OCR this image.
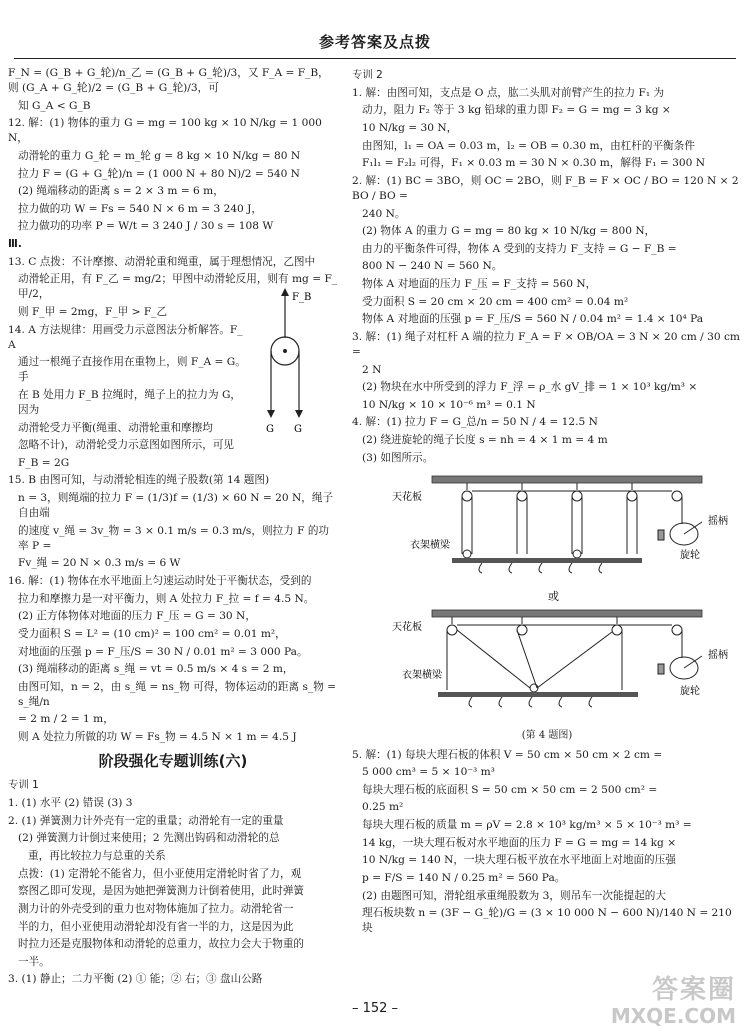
参考答案及点拨

F_N = (G_B + G_轮)/n_乙 = (G_B + G_轮)/3，又 F_A = F_B，则 (G_A + G_轮)/2 = (G_B + G_轮)/3，可

知 G_A < G_B

12. 解：(1) 物体的重力 G = mg = 100 kg × 10 N/kg = 1 000 N，

动滑轮的重力 G_轮 = m_轮 g = 8 kg × 10 N/kg = 80 N

拉力 F = (G + G_轮)/n = (1 000 N + 80 N)/2 = 540 N

(2) 绳端移动的距离 s = 2 × 3 m = 6 m，

拉力做的功 W = Fs = 540 N × 6 m = 3 240 J，

拉力做功的功率 P = W/t = 3 240 J / 30 s = 108 W

Ⅲ.

13. C 点拨：不计摩擦、动滑轮重和绳重，属于理想情况，乙图中

动滑轮正用，有 F_乙 = mg/2；甲图中动滑轮反用，则有 mg = F_甲/2，

则 F_甲 = 2mg，F_甲 > F_乙

14. A 方法规律：用画受力示意图法分析解答。F_A

通过一根绳子直接作用在重物上，则 F_A = G。手

在 B 处用力 F_B 拉绳时，绳子上的拉力为 G，因为

动滑轮受力平衡(绳重、动滑轮重和摩擦均

忽略不计)，动滑轮受力示意图如图所示，可见

F_B = 2G

15. B 由图可知，与动滑轮相连的绳子股数(第 14 题图)

n = 3，则绳端的拉力 F = (1/3)f = (1/3) × 60 N = 20 N，绳子自由端

的速度 v_绳 = 3v_物 = 3 × 0.1 m/s = 0.3 m/s，则拉力 F 的功率 P =

Fv_绳 = 20 N × 0.3 m/s = 6 W

16. 解：(1) 物体在水平地面上匀速运动时处于平衡状态，受到的

拉力和摩擦力是一对平衡力，则 A 处拉力 F_拉 = f = 4.5 N。

(2) 正方体物体对地面的压力 F_压 = G = 30 N，

受力面积 S = L² = (10 cm)² = 100 cm² = 0.01 m²，

对地面的压强 p = F_压/S = 30 N / 0.01 m² = 3 000 Pa。

(3) 绳端移动的距离 s_绳 = vt = 0.5 m/s × 4 s = 2 m，

由图可知，n = 2，由 s_绳 = ns_物 可得，物体运动的距离 s_物 = s_绳/n

= 2 m / 2 = 1 m，

则 A 处拉力所做的功 W = Fs_物 = 4.5 N × 1 m = 4.5 J

阶段强化专题训练(六)
专训 1

1. (1) 水平 (2) 错误 (3) 3

2. (1) 弹簧测力计外壳有一定的重量；动滑轮有一定的重量

(2) 弹簧测力计倒过来使用；2 先测出钩码和动滑轮的总

重，再比较拉力与总重的关系

点拨：(1) 定滑轮不能省力，但小亚使用定滑轮时省了力，观

察图乙即可发现，是因为她把弹簧测力计倒着使用，此时弹簧

测力计的外壳受到的重力也对物体施加了拉力。动滑轮省一

半的力，但小亚使用动滑轮却没有省一半的力，这是因为此

时拉力还是克服物体和动滑轮的总重力，故拉力会大于物重的

一半。

3. (1) 静止；二力平衡 (2) ① 能；② 右；③ 盘山公路

F_B
G G
专训 2

1. 解：由图可知，支点是 O 点，肱二头肌对前臂产生的拉力 F₁ 为

动力，阻力 F₂ 等于 3 kg 铅球的重力即 F₂ = G = mg = 3 kg ×

10 N/kg = 30 N，

由图知，l₁ = OA = 0.03 m，l₂ = OB = 0.30 m，由杠杆的平衡条件

F₁l₁ = F₂l₂ 可得，F₁ × 0.03 m = 30 N × 0.30 m，解得 F₁ = 300 N

2. 解：(1) BC = 3BO，则 OC = 2BO，则 F_B = F × OC / BO = 120 N × 2BO / BO =

240 N。

(2) 物体 A 的重力 G = mg = 80 kg × 10 N/kg = 800 N，

由力的平衡条件可得，物体 A 受到的支持力 F_支持 = G − F_B =

800 N − 240 N = 560 N。

物体 A 对地面的压力 F_压 = F_支持 = 560 N，

受力面积 S = 20 cm × 20 cm = 400 cm² = 0.04 m²

物体 A 对地面的压强 p = F_压/S = 560 N / 0.04 m² = 1.4 × 10⁴ Pa

3. 解：(1) 绳子对杠杆 A 端的拉力 F_A = F × OB/OA = 3 N × 20 cm / 30 cm =

2 N

(2) 物块在水中所受到的浮力 F_浮 = ρ_水 gV_排 = 1 × 10³ kg/m³ ×

10 N/kg × 10 × 10⁻⁶ m³ = 0.1 N

4. 解：(1) 拉力 F = G_总/n = 50 N / 4 = 12.5 N

(2) 绕进旋轮的绳子长度 s = nh = 4 × 1 m = 4 m

(3) 如图所示。

天花板
摇柄
旋轮
衣架横梁
或
天花板
摇柄
旋轮
衣架横梁
(第 4 题图)

5. 解：(1) 每块大理石板的体积 V = 50 cm × 50 cm × 2 cm =

5 000 cm³ = 5 × 10⁻³ m³

每块大理石板的底面积 S = 50 cm × 50 cm = 2 500 cm² =

0.25 m²

每块大理石板的质量 m = ρV = 2.8 × 10³ kg/m³ × 5 × 10⁻³ m³ =

14 kg，一块大理石板对水平地面的压力 F = G = mg = 14 kg ×

10 N/kg = 140 N，一块大理石板平放在水平地面上对地面的压强

p = F/S = 140 N / 0.25 m² = 560 Pa。

(2) 由题图可知，滑轮组承重绳股数为 3，则吊车一次能提起的大

理石板块数 n = (3F − G_轮)/G = (3 × 10 000 N − 600 N)/140 N = 210 块

– 152 –
答案圈
MXQE.COM
